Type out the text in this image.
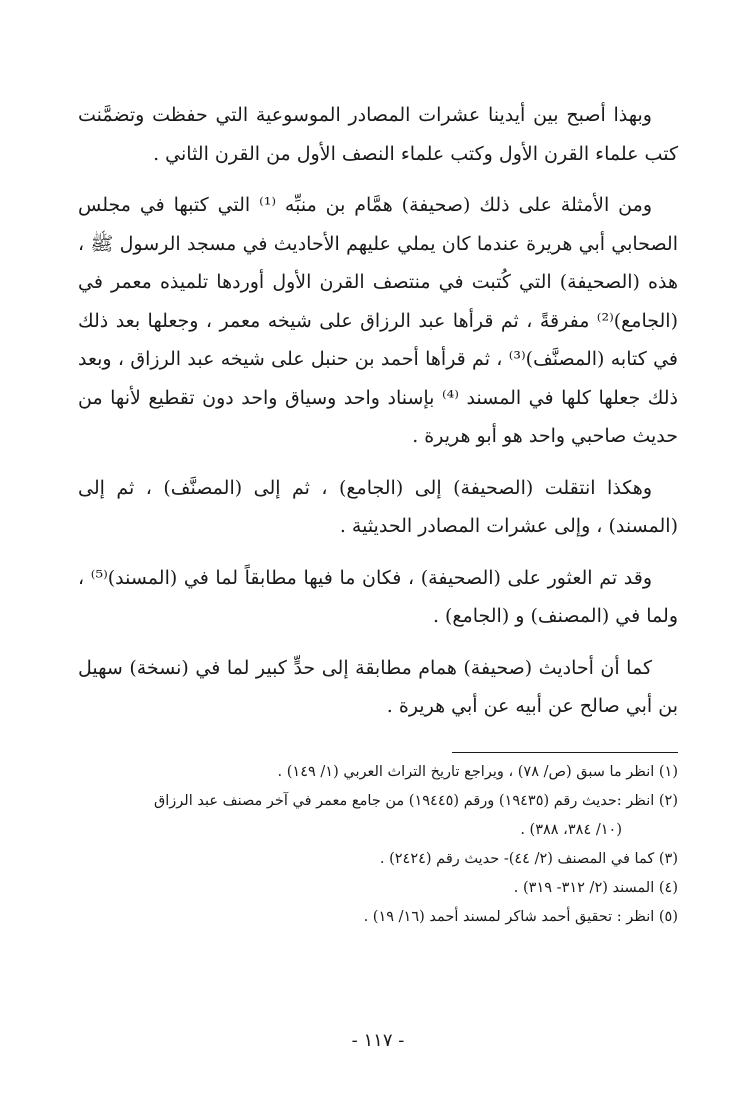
وبهذا أصبح بين أيدينا عشرات المصادر الموسوعية التي حفظت وتضمَّنت كتب علماء القرن الأول وكتب علماء النصف الأول من القرن الثاني .

ومن الأمثلة على ذلك (صحيفة) همَّام بن منبِّه ⁽¹⁾ التي كتبها في مجلس الصحابي أبي هريرة عندما كان يملي عليهم الأحاديث في مسجد الرسول ﷺ ، هذه (الصحيفة) التي كُتبت في منتصف القرن الأول أوردها تلميذه معمر في (الجامع)⁽²⁾ مفرقةً ، ثم قرأها عبد الرزاق على شيخه معمر ، وجعلها بعد ذلك في كتابه (المصنَّف)⁽³⁾ ، ثم قرأها أحمد بن حنبل على شيخه عبد الرزاق ، وبعد ذلك جعلها كلها في المسند ⁽⁴⁾ بإسناد واحد وسياق واحد دون تقطيع لأنها من حديث صاحبي واحد هو أبو هريرة .

وهكذا انتقلت (الصحيفة) إلى (الجامع) ، ثم إلى (المصنَّف) ، ثم إلى (المسند) ، وإلى عشرات المصادر الحديثية .

وقد تم العثور على (الصحيفة) ، فكان ما فيها مطابقاً لما في (المسند)⁽⁵⁾ ، ولما في (المصنف) و (الجامع) .

كما أن أحاديث (صحيفة) همام مطابقة إلى حدٍّ كبير لما في (نسخة) سهيل بن أبي صالح عن أبيه عن أبي هريرة .

(١) انظر ما سبق (ص/ ٧٨) ، ويراجع تاريخ التراث العربي (١/ ١٤٩) .

(٢) انظر :حديث رقم (١٩٤٣٥) ورقم (١٩٤٤٥) من جامع معمر في آخر مصنف عبد الرزاق

(١٠/ ٣٨٤، ٣٨٨) .

(٣) كما في المصنف (٢/ ٤٤)- حديث رقم (٢٤٢٤) .

(٤) المسند (٢/ ٣١٢- ٣١٩) .

(٥) انظر : تحقيق أحمد شاكر لمسند أحمد (١٦/ ١٩) .

- ١١٧ -
